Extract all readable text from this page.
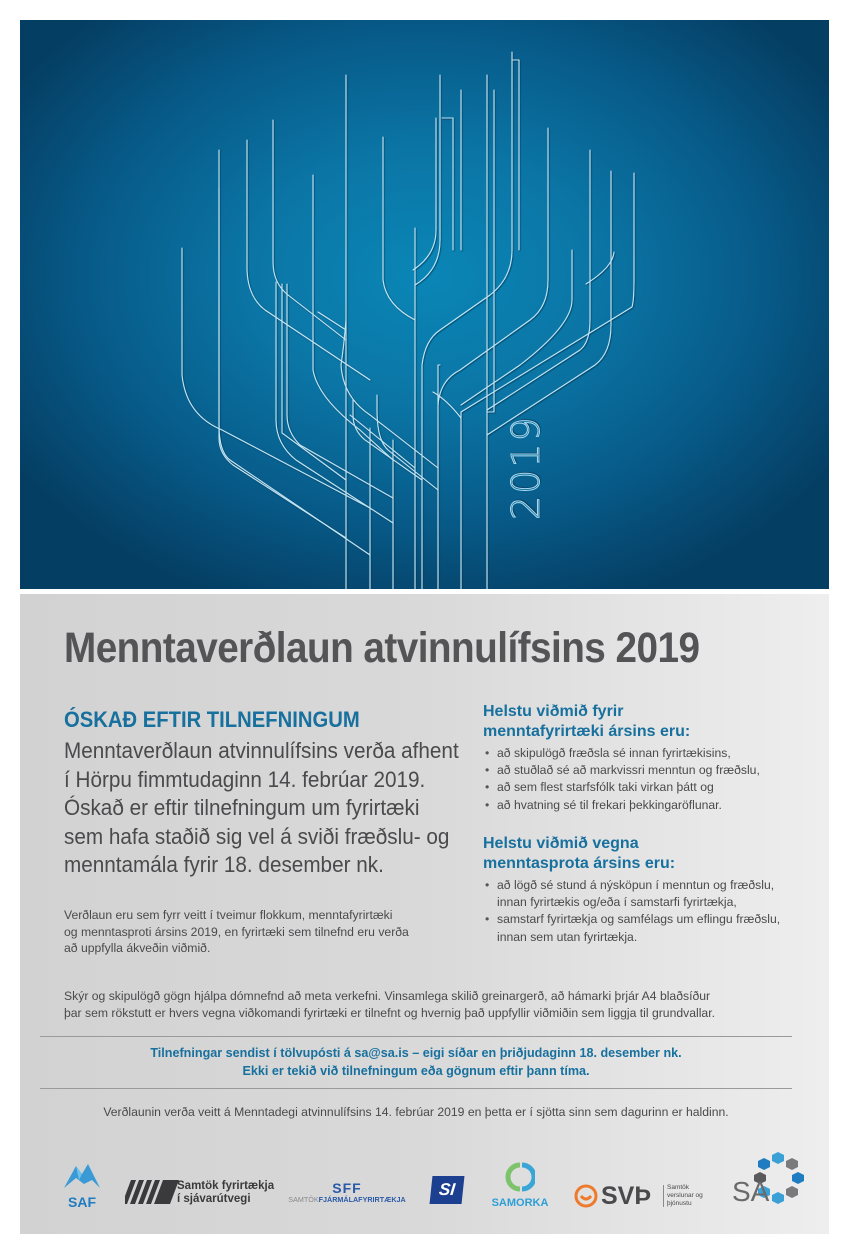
2019
Menntaverðlaun atvinnulífsins 2019
ÓSKAÐ EFTIR TILNEFNINGUM
Menntaverðlaun atvinnulífsins verða afhent
í Hörpu fimmtudaginn 14. febrúar 2019.
Óskað er eftir tilnefningum um fyrirtæki
sem hafa staðið sig vel á sviði fræðslu- og
menntamála fyrir 18. desember nk.
Verðlaun eru sem fyrr veitt í tveimur flokkum, menntafyrirtæki
og menntasproti ársins 2019, en fyrirtæki sem tilnefnd eru verða
að uppfylla ákveðin viðmið.
Helstu viðmið fyrir
menntafyrirtæki ársins eru:
• að skipulögð fræðsla sé innan fyrirtækisins,
• að stuðlað sé að markvissri menntun og fræðslu,
• að sem flest starfsfólk taki virkan þátt og
• að hvatning sé til frekari þekkingaröflunar.
Helstu viðmið vegna
menntasprota ársins eru:
• að lögð sé stund á nýsköpun í menntun og fræðslu, innan fyrirtækis og/eða í samstarfi fyrirtækja,
• samstarf fyrirtækja og samfélags um eflingu fræðslu, innan sem utan fyrirtækja.
Skýr og skipulögð gögn hjálpa dómnefnd að meta verkefni. Vinsamlega skilið greinargerð, að hámarki þrjár A4 blaðsíður
þar sem rökstutt er hvers vegna viðkomandi fyrirtæki er tilnefnt og hvernig það uppfyllir viðmiðin sem liggja til grundvallar.
Tilnefningar sendist í tölvupósti á sa@sa.is – eigi síðar en þriðjudaginn 18. desember nk.
Ekki er tekið við tilnefningum eða gögnum eftir þann tíma.
Verðlaunin verða veitt á Menntadegi atvinnulífsins 14. febrúar 2019 en þetta er í sjötta sinn sem dagurinn er haldinn.
SAF
Samtök fyrirtækja
í sjávarútvegi
SFF
SAMTÖKFJÁRMÁLAFYRIRTÆKJA
SI
SAMORKA SVÞ Samtök
verslunar og
þjónustu	SA
